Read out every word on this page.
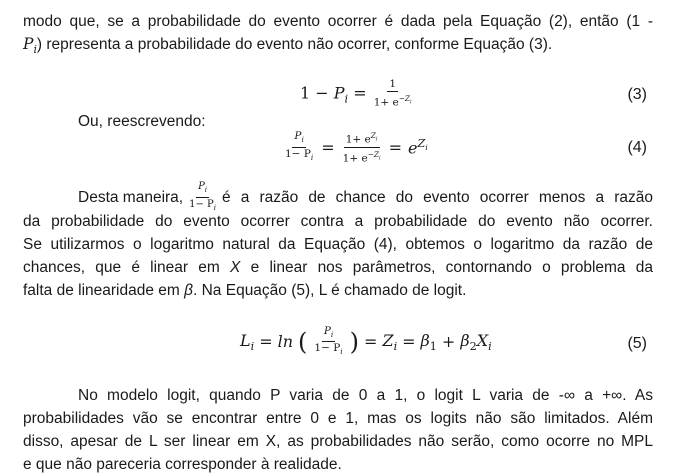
modo que, se a probabilidade do evento ocorrer é dada pela Equação (2), então (1 -
$P_i$) representa a probabilidade do evento não ocorrer, conforme Equação (3).
$1 - P_i = \frac{1}{1+ e^{-Z_i}}$	(3)
Ou, reescrevendo:
$\frac{P_i}{1- P_i} = \frac{1+ e^{Z_i}}{1+ e^{-Z_i}} = e^{Z_i}$	(4)
Desta maneira, $\frac{P_i}{1- P_i}$ é a razão de chance do evento ocorrer menos a razão
da probabilidade do evento ocorrer contra a probabilidade do evento não ocorrer.
Se utilizarmos o logaritmo natural da Equação (4), obtemos o logaritmo da razão de
chances, que é linear em X e linear nos parâmetros, contornando o problema da
falta de linearidade em β. Na Equação (5), L é chamado de logit.
$L_i = \ln$ ( $\frac{P_i}{1- P_i}$ ) = $Z_i = \beta_1 + \beta_2X_i$	(5)
No modelo logit, quando P varia de 0 a 1, o logit L varia de -∞ a +∞. As
probabilidades vão se encontrar entre 0 e 1, mas os logits não são limitados. Além
disso, apesar de L ser linear em X, as probabilidades não serão, como ocorre no MPL
e que não pareceria corresponder à realidade.
